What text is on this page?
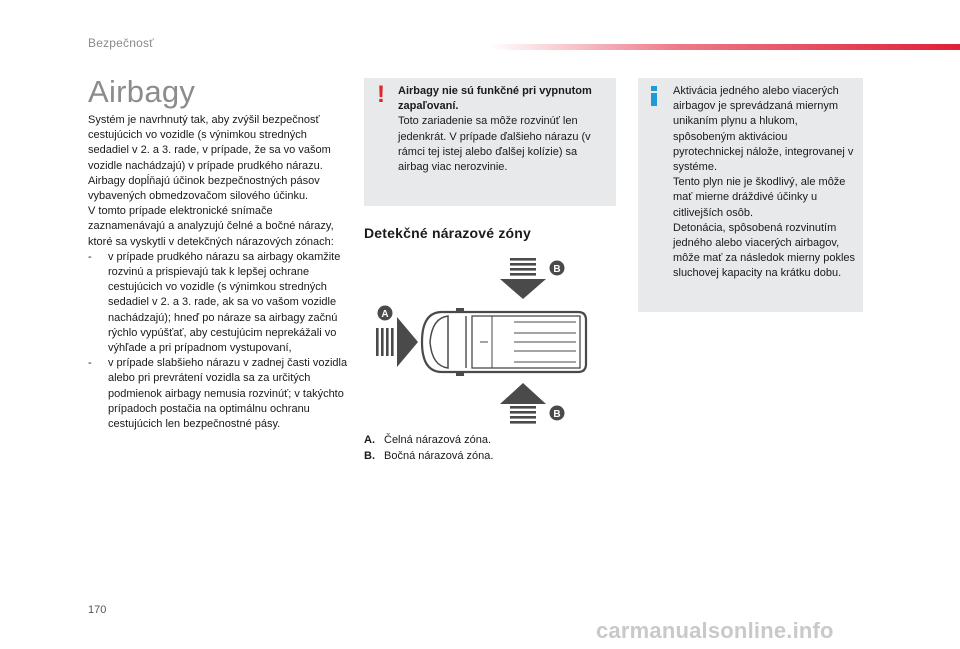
Bezpečnosť
Airbagy

Systém je navrhnutý tak, aby zvýšil bezpečnosť cestujúcich vo vozidle (s výnimkou stredných sedadiel v 2. a 3. rade, v prípade, že sa vo vašom vozidle nachádzajú) v prípade prudkého nárazu. Airbagy dopĺňajú účinok bezpečnostných pásov vybavených obmedzovačom silového účinku.

V tomto prípade elektronické snímače zaznamenávajú a analyzujú čelné a bočné nárazy, ktoré sa vyskytli v detekčných nárazových zónach:

- v prípade prudkého nárazu sa airbagy okamžite rozvinú a prispievajú tak k lepšej ochrane cestujúcich vo vozidle (s výnimkou stredných sedadiel v 2. a 3. rade, ak sa vo vašom vozidle nachádzajú); hneď po náraze sa airbagy začnú rýchlo vypúšťať, aby cestujúcim neprekážali vo výhľade a pri prípadnom vystupovaní,
- v prípade slabšieho nárazu v zadnej časti vozidla alebo pri prevrátení vozidla sa za určitých podmienok airbagy nemusia rozvinúť; v takýchto prípadoch postačia na optimálnu ochranu cestujúcich len bezpečnostné pásy.
! Airbagy nie sú funkčné pri vypnutom zapaľovaní.
Toto zariadenie sa môže rozvinúť len jedenkrát. V prípade ďalšieho nárazu (v rámci tej istej alebo ďalšej kolízie) sa airbag viac nerozvinie.

Aktivácia jedného alebo viacerých airbagov je sprevádzaná miernym unikaním plynu a hlukom, spôsobeným aktiváciou pyrotechnickej nálože, integrovanej v systéme.

Tento plyn nie je škodlivý, ale môže mať mierne dráždivé účinky u citlivejších osôb.

Detonácia, spôsobená rozvinutím jedného alebo viacerých airbagov, môže mať za následok mierny pokles sluchovej kapacity na krátku dobu.

Detekčné nárazové zóny
A
B
B
A. Čelná nárazová zóna.
B. Bočná nárazová zóna.
170
carmanualsonline.info
